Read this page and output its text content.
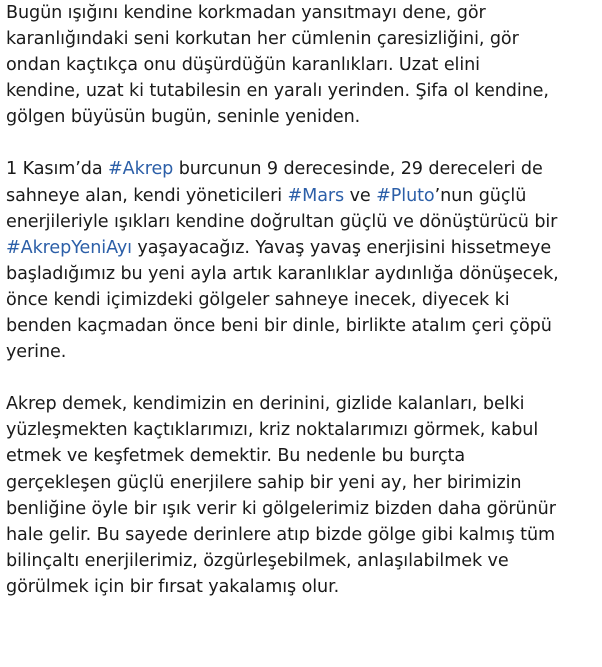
Bugün ışığını kendine korkmadan yansıtmayı dene, gör
karanlığındaki seni korkutan her cümlenin çaresizliğini, gör
ondan kaçtıkça onu düşürdüğün karanlıkları. Uzat elini
kendine, uzat ki tutabilesin en yaralı yerinden. Şifa ol kendine,
gölgen büyüsün bugün, seninle yeniden.
1 Kasım’da #Akrep burcunun 9 derecesinde, 29 dereceleri de
sahneye alan, kendi yöneticileri #Mars ve #Pluto’nun güçlü
enerjileriyle ışıkları kendine doğrultan güçlü ve dönüştürücü bir
#AkrepYeniAyı yaşayacağız. Yavaş yavaş enerjisini hissetmeye
başladığımız bu yeni ayla artık karanlıklar aydınlığa dönüşecek,
önce kendi içimizdeki gölgeler sahneye inecek, diyecek ki
benden kaçmadan önce beni bir dinle, birlikte atalım çeri çöpü
yerine.
Akrep demek, kendimizin en derinini, gizlide kalanları, belki
yüzleşmekten kaçtıklarımızı, kriz noktalarımızı görmek, kabul
etmek ve keşfetmek demektir. Bu nedenle bu burçta
gerçekleşen güçlü enerjilere sahip bir yeni ay, her birimizin
benliğine öyle bir ışık verir ki gölgelerimiz bizden daha görünür
hale gelir. Bu sayede derinlere atıp bizde gölge gibi kalmış tüm
bilinçaltı enerjilerimiz, özgürleşebilmek, anlaşılabilmek ve
görülmek için bir fırsat yakalamış olur.
